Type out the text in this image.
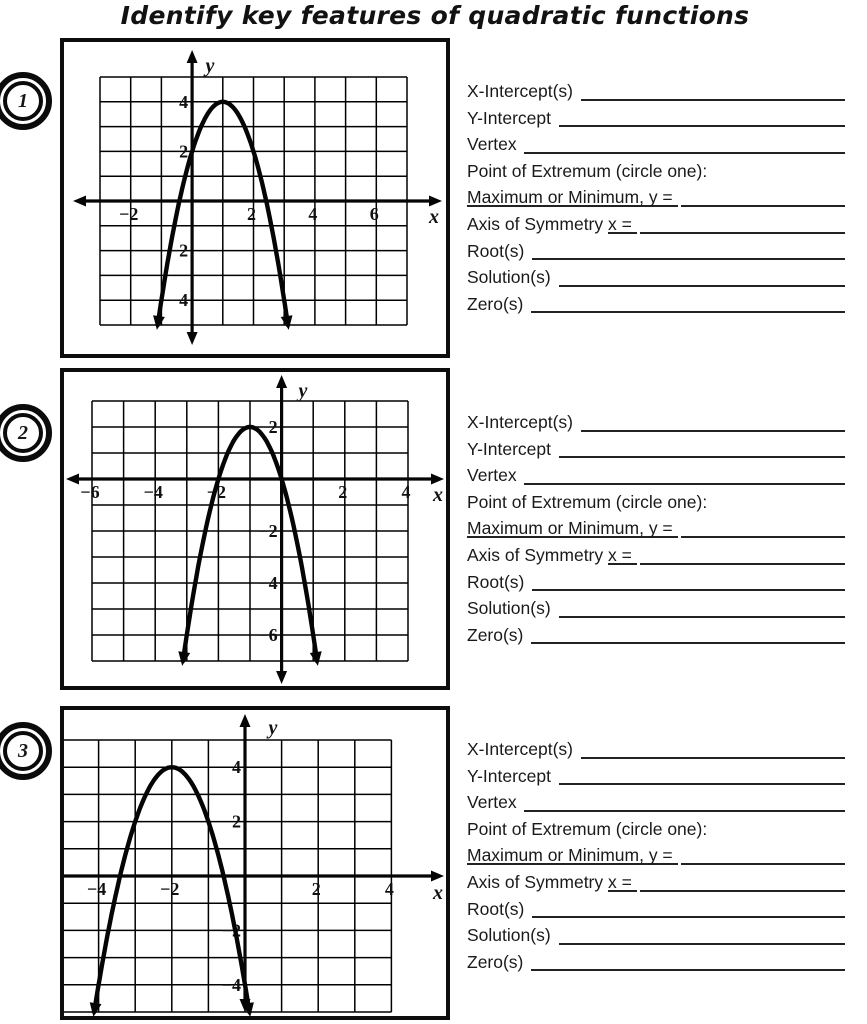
Identify key features of quadratic functions
1
−2	2	4	6
4
2
−2
−4
x
y
X-Intercept(s)
Y-Intercept
Vertex
Point of Extremum (circle one):
Maximum or Minimum, y =
Axis of Symmetry x =
Root(s)
Solution(s)
Zero(s)
2
−6 −4 −2	2	4
2
−2
−4
−6
x
y
X-Intercept(s)
Y-Intercept
Vertex
Point of Extremum (circle one):
Maximum or Minimum, y =
Axis of Symmetry x =
Root(s)
Solution(s)
Zero(s)
3
−4	−2	2	4
4
2
−2
−4
x
y
X-Intercept(s)
Y-Intercept
Vertex
Point of Extremum (circle one):
Maximum or Minimum, y =
Axis of Symmetry x =
Root(s)
Solution(s)
Zero(s)
